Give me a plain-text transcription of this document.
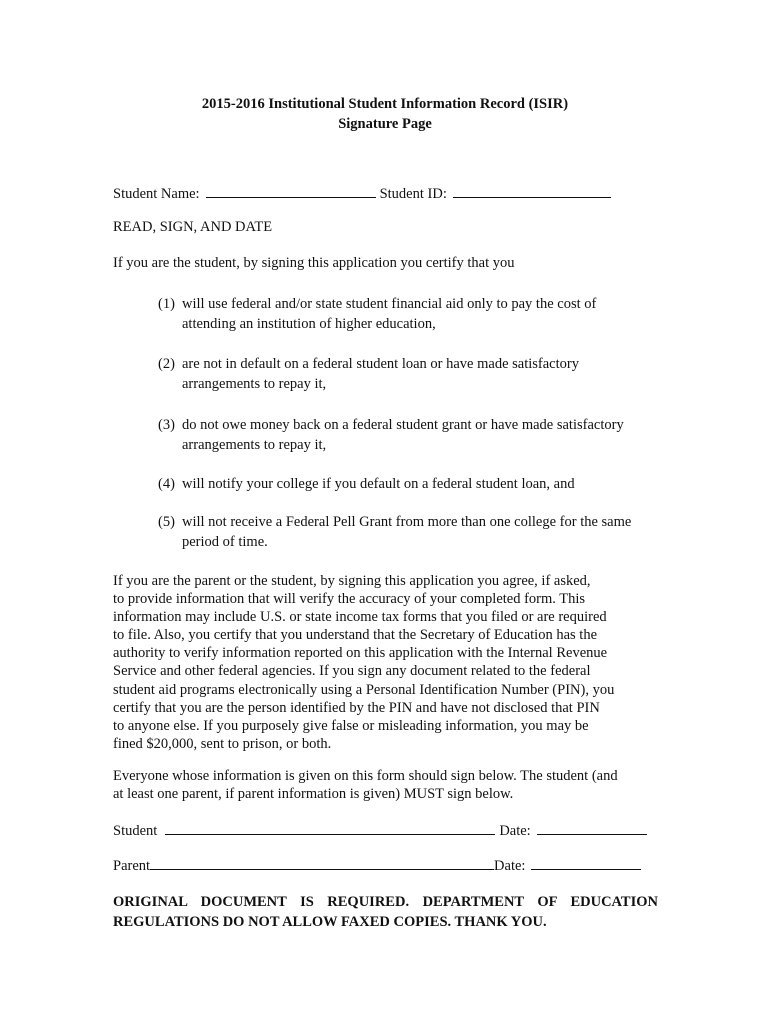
2015-2016 Institutional Student Information Record (ISIR)
Signature Page
Student Name:	Student ID:
READ, SIGN, AND DATE
If you are the student, by signing this application you certify that you
(1) will use federal and/or state student financial aid only to pay the cost of
attending an institution of higher education,
(2) are not in default on a federal student loan or have made satisfactory
arrangements to repay it,
(3) do not owe money back on a federal student grant or have made satisfactory
arrangements to repay it,
(4) will notify your college if you default on a federal student loan, and
(5) will not receive a Federal Pell Grant from more than one college for the same
period of time.
If you are the parent or the student, by signing this application you agree, if asked,
to provide information that will verify the accuracy of your completed form. This
information may include U.S. or state income tax forms that you filed or are required
to file. Also, you certify that you understand that the Secretary of Education has the
authority to verify information reported on this application with the Internal Revenue
Service and other federal agencies. If you sign any document related to the federal
student aid programs electronically using a Personal Identification Number (PIN), you
certify that you are the person identified by the PIN and have not disclosed that PIN
to anyone else. If you purposely give false or misleading information, you may be
fined $20,000, sent to prison, or both.
Everyone whose information is given on this form should sign below. The student (and
at least one parent, if parent information is given) MUST sign below.
Student	Date:
Parent	Date:
ORIGINAL DOCUMENT IS REQUIRED. DEPARTMENT OF EDUCATION
REGULATIONS DO NOT ALLOW FAXED COPIES. THANK YOU.
